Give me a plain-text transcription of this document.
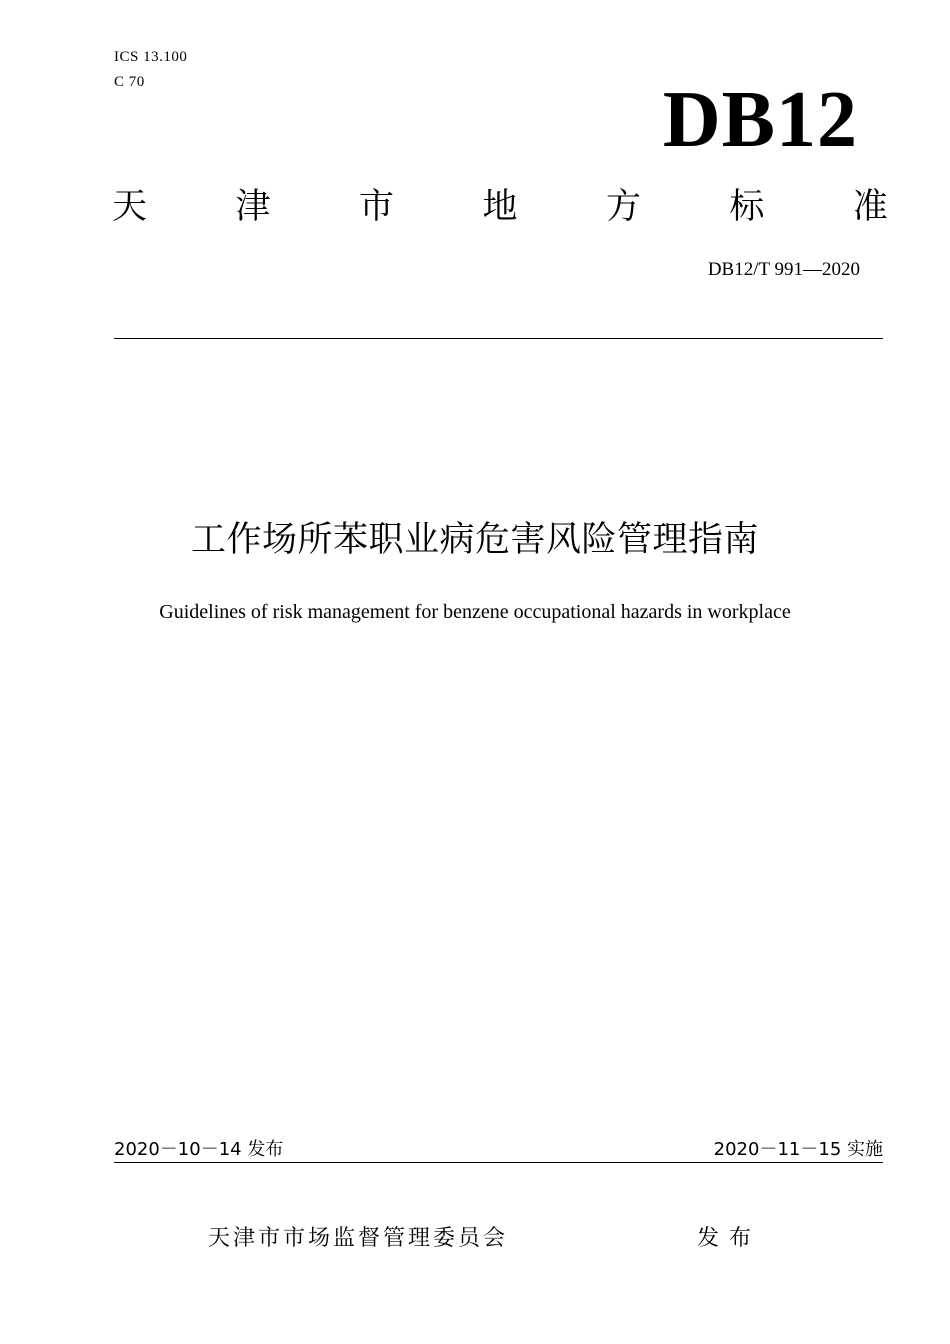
ICS 13.100
C 70	DB12
天	津	市	地	方	标	准
DB12/T 991—2020
工作场所苯职业病危害风险管理指南
Guidelines of risk management for benzene occupational hazards in workplace
2020－10－14 发布	2020－11－15 实施
天津市市场监督管理委员会	发布
